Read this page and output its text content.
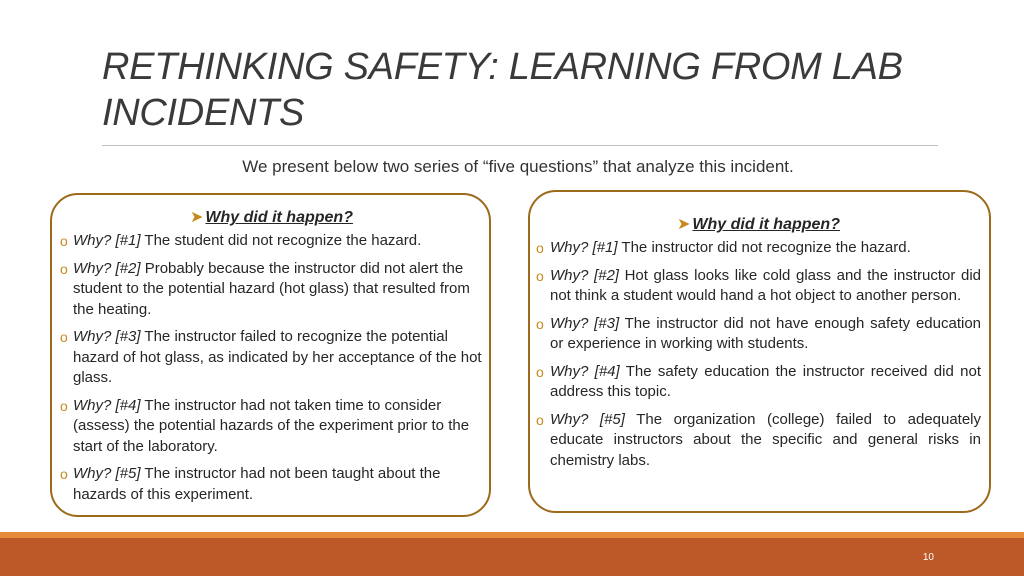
RETHINKING SAFETY: LEARNING FROM LAB INCIDENTS
We present below two series of “five questions” that analyze this incident.
➤ Why did it happen?
o Why? [#1] The student did not recognize the hazard.
o Why? [#2] Probably because the instructor did not alert the student to the potential hazard (hot glass) that resulted from the heating.
o Why? [#3] The instructor failed to recognize the potential hazard of hot glass, as indicated by her acceptance of the hot glass.
o Why? [#4] The instructor had not taken time to consider (assess) the potential hazards of the experiment prior to the start of the laboratory.
o Why? [#5] The instructor had not been taught about the hazards of this experiment.
➤ Why did it happen?
o Why? [#1] The instructor did not recognize the hazard.
o Why? [#2] Hot glass looks like cold glass and the instructor did not think a student would hand a hot object to another person.
o Why? [#3] The instructor did not have enough safety education or experience in working with students.
o Why? [#4] The safety education the instructor received did not address this topic.
o Why? [#5] The organization (college) failed to adequately educate instructors about the specific and general risks in chemistry labs.
10
